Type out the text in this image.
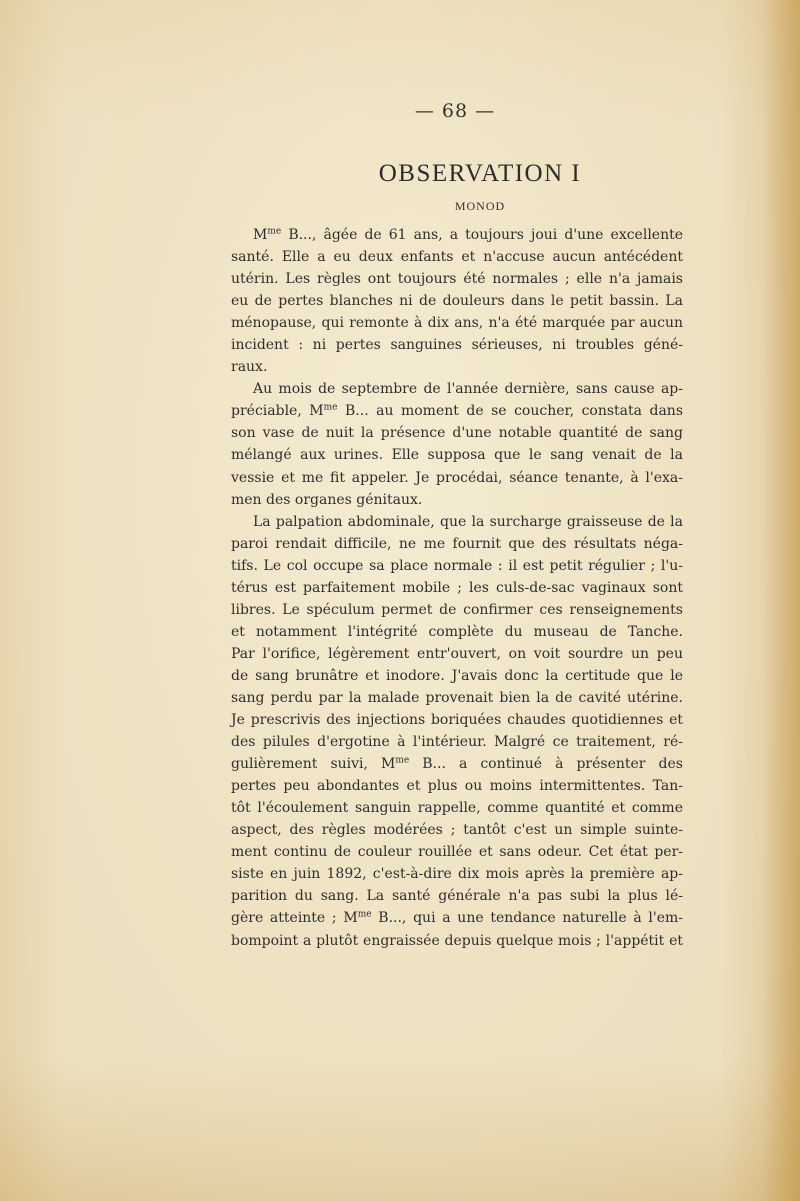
— 68 —
OBSERVATION I
MONOD

$M^{me}$ B..., âgée de 61 ans, a toujours joui d'une excellente
santé. Elle a eu deux enfants et n'accuse aucun antécédent
utérin. Les règles ont toujours été normales ; elle n'a jamais
eu de pertes blanches ni de douleurs dans le petit bassin. La
ménopause, qui remonte à dix ans, n'a été marquée par aucun
incident : ni pertes sanguines sérieuses, ni troubles géné-
raux.

Au mois de septembre de l'année dernière, sans cause ap-
préciable, $M^{me}$ B... au moment de se coucher, constata dans
son vase de nuit la présence d'une notable quantité de sang
mélangé aux urines. Elle supposa que le sang venait de la
vessie et me fit appeler. Je procédai, séance tenante, à l'exa-
men des organes génitaux.

La palpation abdominale, que la surcharge graisseuse de la
paroi rendait difficile, ne me fournit que des résultats néga-
tifs. Le col occupe sa place normale : il est petit régulier ; l'u-
térus est parfaitement mobile ; les culs-de-sac vaginaux sont
libres. Le spéculum permet de confirmer ces renseignements
et notamment l'intégrité complète du museau de Tanche.
Par l'orifice, légèrement entr'ouvert, on voit sourdre un peu
de sang brunâtre et inodore. J'avais donc la certitude que le
sang perdu par la malade provenait bien la de cavité utérine.
Je prescrivis des injections boriquées chaudes quotidiennes et
des pilules d'ergotine à l'intérieur. Malgré ce traitement, ré-
gulièrement suivi, $M^{me}$ B... a continué à présenter des
pertes peu abondantes et plus ou moins intermittentes. Tan-
tôt l'écoulement sanguin rappelle, comme quantité et comme
aspect, des règles modérées ; tantôt c'est un simple suinte-
ment continu de couleur rouillée et sans odeur. Cet état per-
siste en juin 1892, c'est-à-dire dix mois après la première ap-
parition du sang. La santé générale n'a pas subi la plus lé-
gère atteinte ; $M^{me}$ B..., qui a une tendance naturelle à l'em-
bompoint a plutôt engraissée depuis quelque mois ; l'appétit et
